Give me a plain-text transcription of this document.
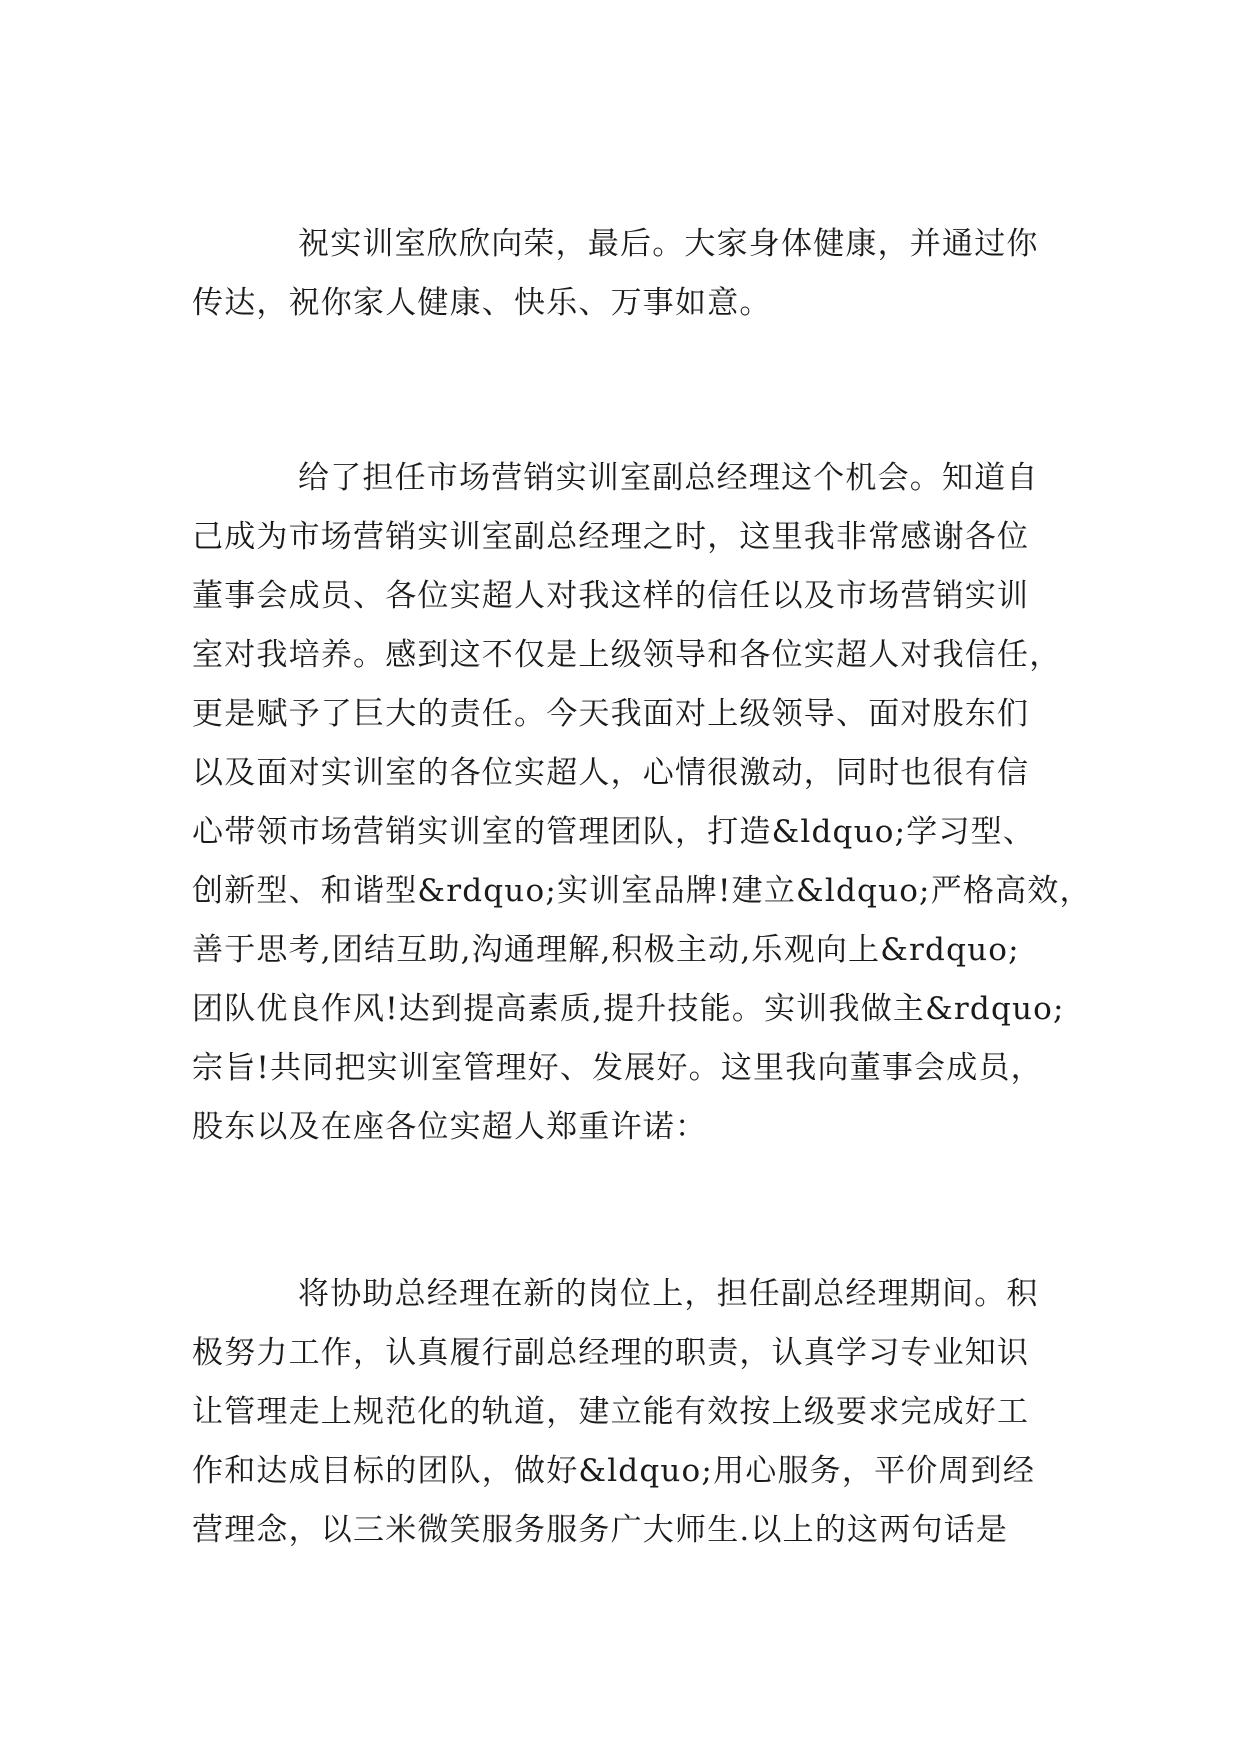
祝实训室欣欣向荣，最后。大家身体健康，并通过你
传达，祝你家人健康、快乐、万事如意。
给了担任市场营销实训室副总经理这个机会。知道自
己成为市场营销实训室副总经理之时，这里我非常感谢各位
董事会成员、各位实超人对我这样的信任以及市场营销实训
室对我培养。感到这不仅是上级领导和各位实超人对我信任，
更是赋予了巨大的责任。今天我面对上级领导、面对股东们
以及面对实训室的各位实超人，心情很激动，同时也很有信
心带领市场营销实训室的管理团队，打造&ldquo;学习型、
创新型、和谐型&rdquo;实训室品牌!建立&ldquo;严格高效，
善于思考,团结互助,沟通理解,积极主动,乐观向上&rdquo;
团队优良作风!达到提高素质,提升技能。实训我做主&rdquo;
宗旨!共同把实训室管理好、发展好。这里我向董事会成员，
股东以及在座各位实超人郑重许诺：
将协助总经理在新的岗位上，担任副总经理期间。积
极努力工作，认真履行副总经理的职责，认真学习专业知识
让管理走上规范化的轨道，建立能有效按上级要求完成好工
作和达成目标的团队，做好&ldquo;用心服务，平价周到经
营理念，以三米微笑服务服务广大师生.以上的这两句话是
